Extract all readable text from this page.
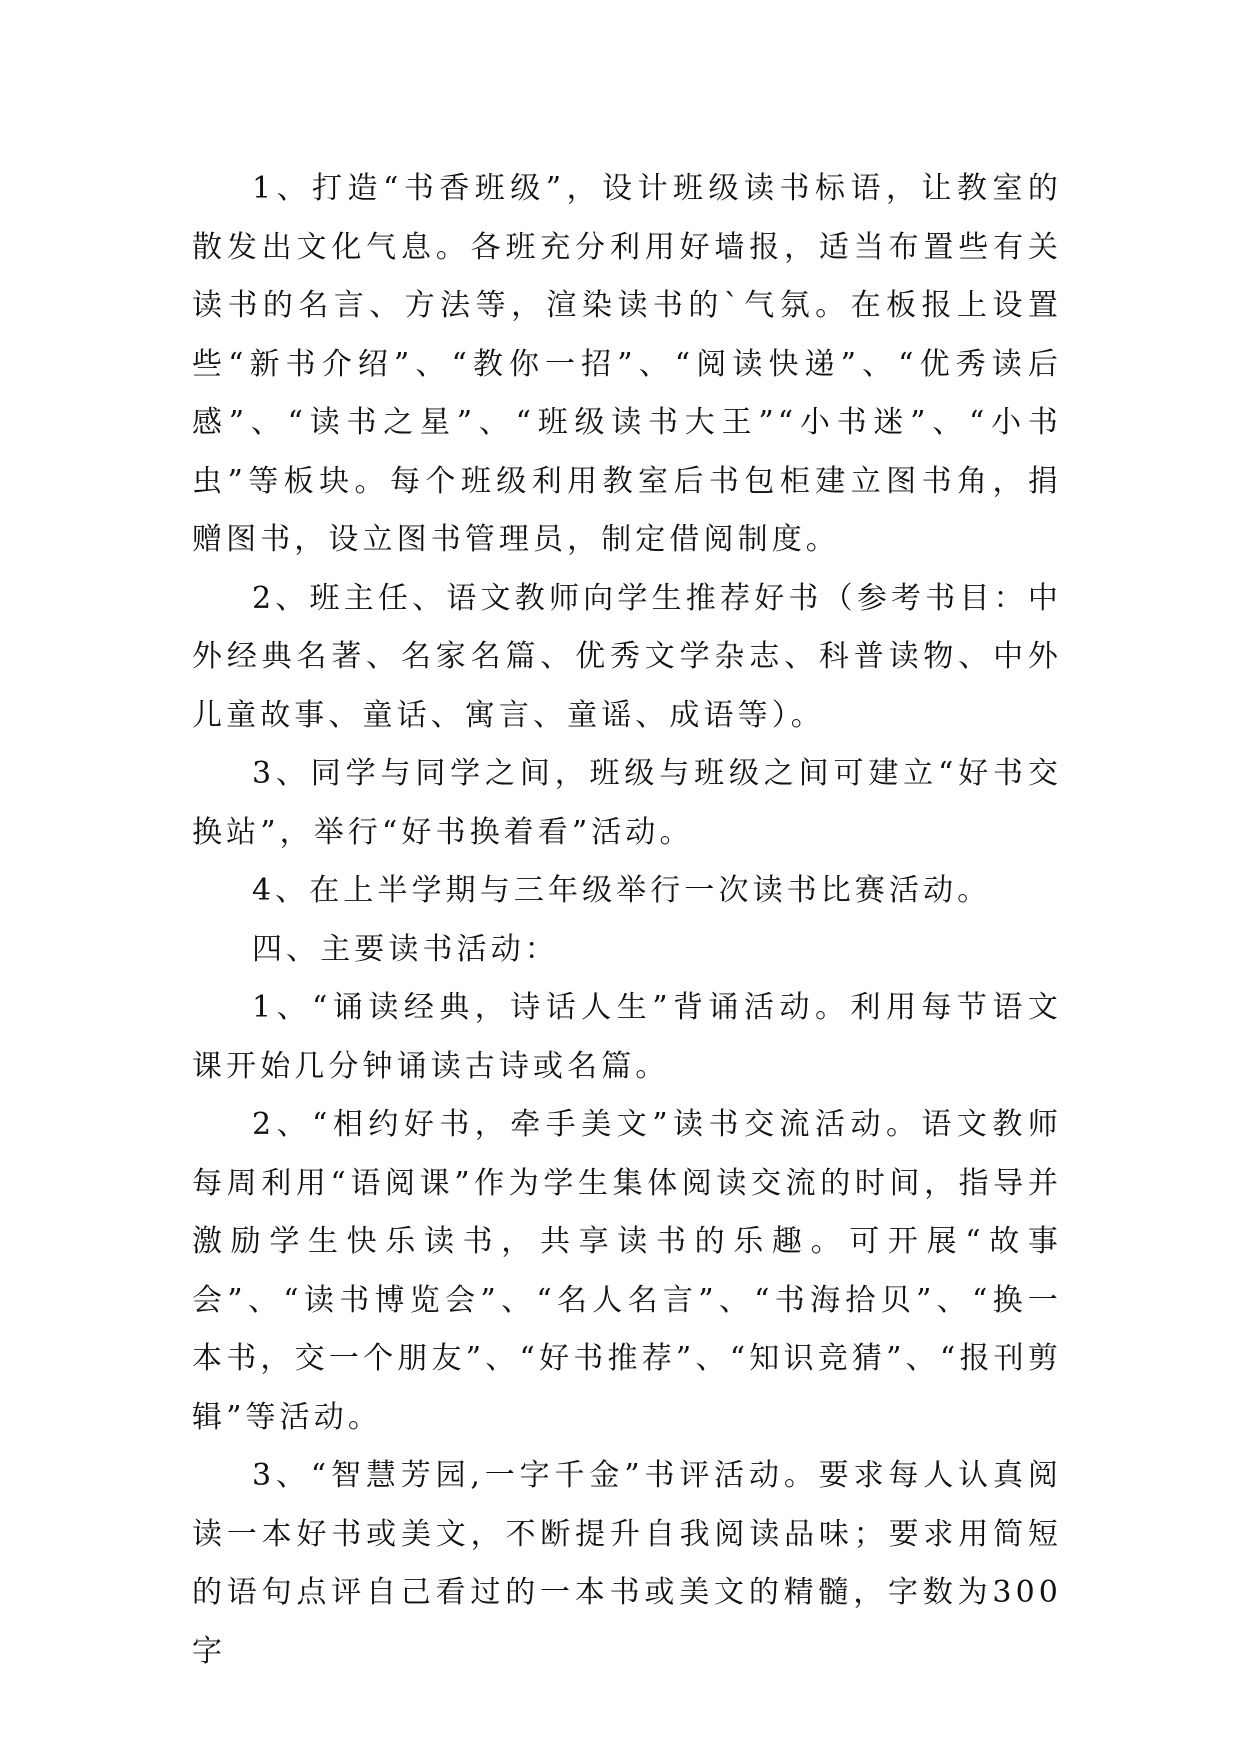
1、打造“书香班级”，设计班级读书标语，让教室的散发出文化气息。各班充分利用好墙报，适当布置些有关读书的名言、方法等，渲染读书的`气氛。在板报上设置些“新书介绍”、“教你一招”、“阅读快递”、“优秀读后感”、“读书之星”、“班级读书大王”“小书迷”、“小书虫”等板块。每个班级利用教室后书包柜建立图书角，捐赠图书，设立图书管理员，制定借阅制度。

2、班主任、语文教师向学生推荐好书（参考书目：中外经典名著、名家名篇、优秀文学杂志、科普读物、中外儿童故事、童话、寓言、童谣、成语等）。

3、同学与同学之间，班级与班级之间可建立“好书交换站”，举行“好书换着看”活动。

4、在上半学期与三年级举行一次读书比赛活动。

四、主要读书活动：

1、“诵读经典，诗话人生”背诵活动。利用每节语文课开始几分钟诵读古诗或名篇。

2、“相约好书，牵手美文”读书交流活动。语文教师每周利用“语阅课”作为学生集体阅读交流的时间，指导并激励学生快乐读书，共享读书的乐趣。可开展“故事会”、“读书博览会”、“名人名言”、“书海拾贝”、“换一本书，交一个朋友”、“好书推荐”、“知识竞猜”、“报刊剪辑”等活动。

3、“智慧芳园,一字千金”书评活动。要求每人认真阅读一本好书或美文，不断提升自我阅读品味；要求用简短的语句点评自己看过的一本书或美文的精髓，字数为300字
